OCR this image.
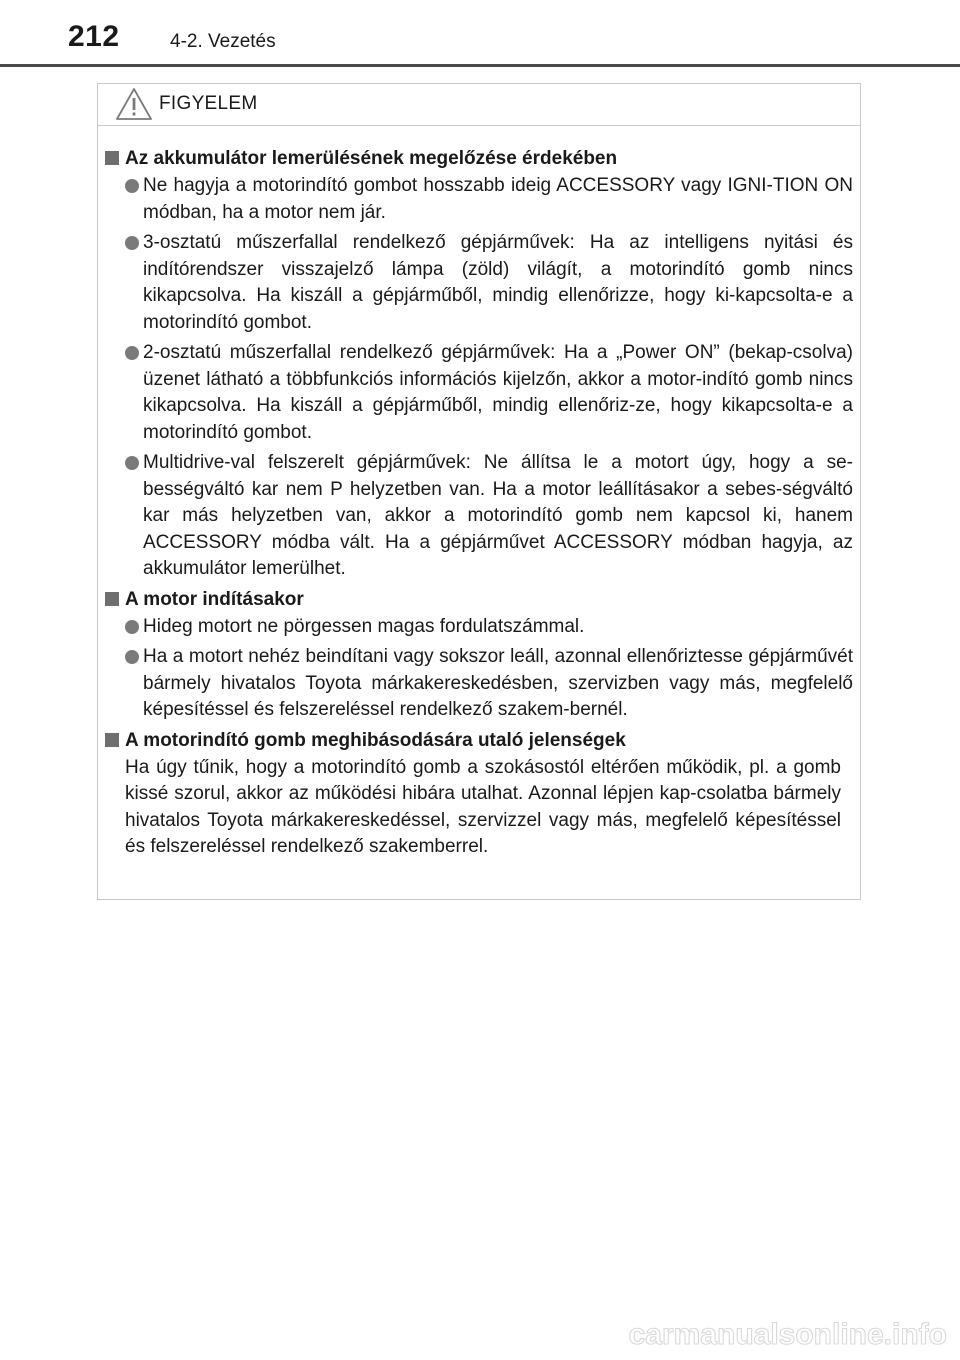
212	4-2. Vezetés
FIGYELEM
Az akkumulátor lemerülésének megelőzése érdekében
Ne hagyja a motorindító gombot hosszabb ideig ACCESSORY vagy IGNI-TION ON módban, ha a motor nem jár.
3-osztatú műszerfallal rendelkező gépjárművek: Ha az intelligens nyitási és indítórendszer visszajelző lámpa (zöld) világít, a motorindító gomb nincs kikapcsolva. Ha kiszáll a gépjárműből, mindig ellenőrizze, hogy ki-kapcsolta-e a motorindító gombot.
2-osztatú műszerfallal rendelkező gépjárművek: Ha a „Power ON” (bekap-csolva) üzenet látható a többfunkciós információs kijelzőn, akkor a motor-indító gomb nincs kikapcsolva. Ha kiszáll a gépjárműből, mindig ellenőriz-ze, hogy kikapcsolta-e a motorindító gombot.
Multidrive-val felszerelt gépjárművek: Ne állítsa le a motort úgy, hogy a se-bességváltó kar nem P helyzetben van. Ha a motor leállításakor a sebes-ségváltó kar más helyzetben van, akkor a motorindító gomb nem kapcsol ki, hanem ACCESSORY módba vált. Ha a gépjárművet ACCESSORY módban hagyja, az akkumulátor lemerülhet.
A motor indításakor
Hideg motort ne pörgessen magas fordulatszámmal.
Ha a motort nehéz beindítani vagy sokszor leáll, azonnal ellenőriztesse gépjárművét bármely hivatalos Toyota márkakereskedésben, szervizben vagy más, megfelelő képesítéssel és felszereléssel rendelkező szakem-bernél.
A motorindító gomb meghibásodására utaló jelenségek
Ha úgy tűnik, hogy a motorindító gomb a szokásostól eltérően működik, pl. a gomb kissé szorul, akkor az működési hibára utalhat. Azonnal lépjen kap-csolatba bármely hivatalos Toyota márkakereskedéssel, szervizzel vagy más, megfelelő képesítéssel és felszereléssel rendelkező szakemberrel.
carmanualsonline.info
